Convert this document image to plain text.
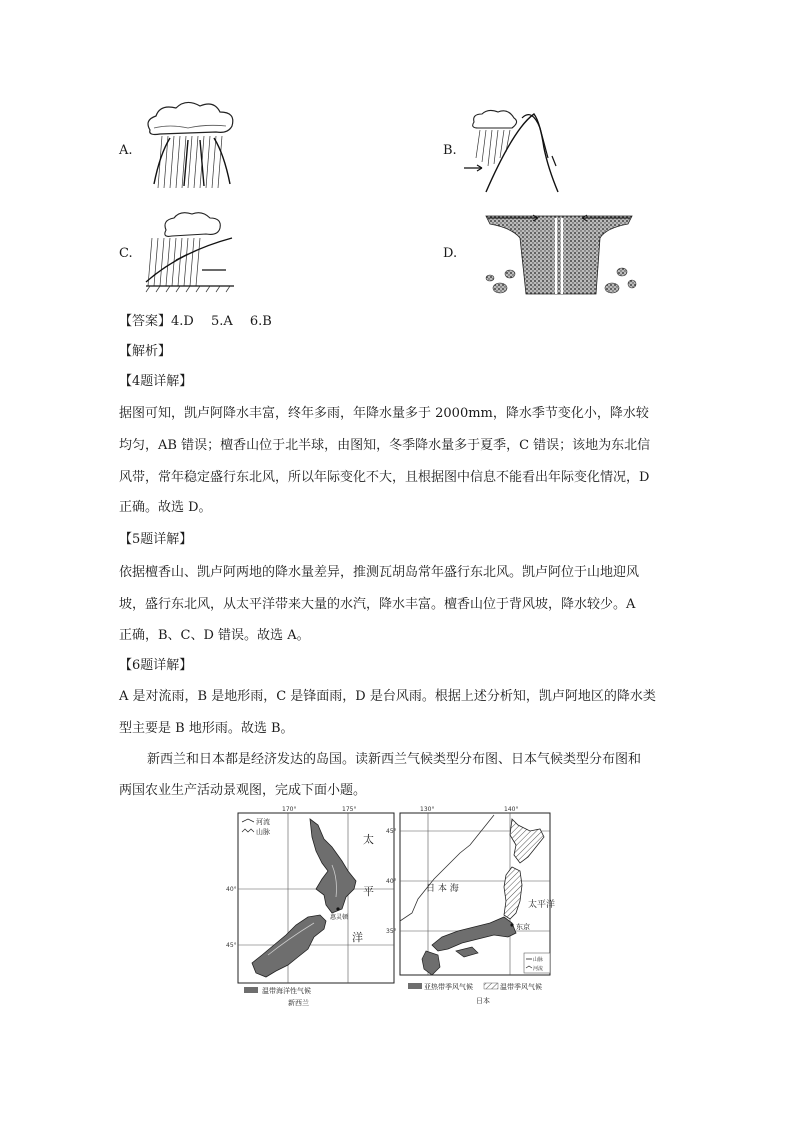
A.	B.
C.	D.
【答案】4.D　 5.A　 6.B
【解析】
【4题详解】
据图可知，凯卢阿降水丰富，终年多雨，年降水量多于 2000mm，降水季节变化小，降水较
均匀，AB 错误；檀香山位于北半球，由图知，冬季降水量多于夏季，C 错误；该地为东北信
风带，常年稳定盛行东北风，所以年际变化不大，且根据图中信息不能看出年际变化情况，D
正确。故选 D。
【5题详解】
依据檀香山、凯卢阿两地的降水量差异，推测瓦胡岛常年盛行东北风。凯卢阿位于山地迎风
坡，盛行东北风，从太平洋带来大量的水汽，降水丰富。檀香山位于背风坡，降水较少。A
正确，B、C、D 错误。故选 A。
【6题详解】
A 是对流雨，B 是地形雨，C 是锋面雨，D 是台风雨。根据上述分析知，凯卢阿地区的降水类
型主要是 B 地形雨。故选 B。
新西兰和日本都是经济发达的岛国。读新西兰气候类型分布图、日本气候类型分布图和
两国农业生产活动景观图，完成下面小题。
170°	175°
40°
45°
河流
山脉
惠灵顿
太
平
洋
温带海洋性气候
新西兰
130°	140°
45°
40°
35°
东京
日 本 海
太平洋
山脉
河流
亚热带季风气候	温带季风气候
日本
